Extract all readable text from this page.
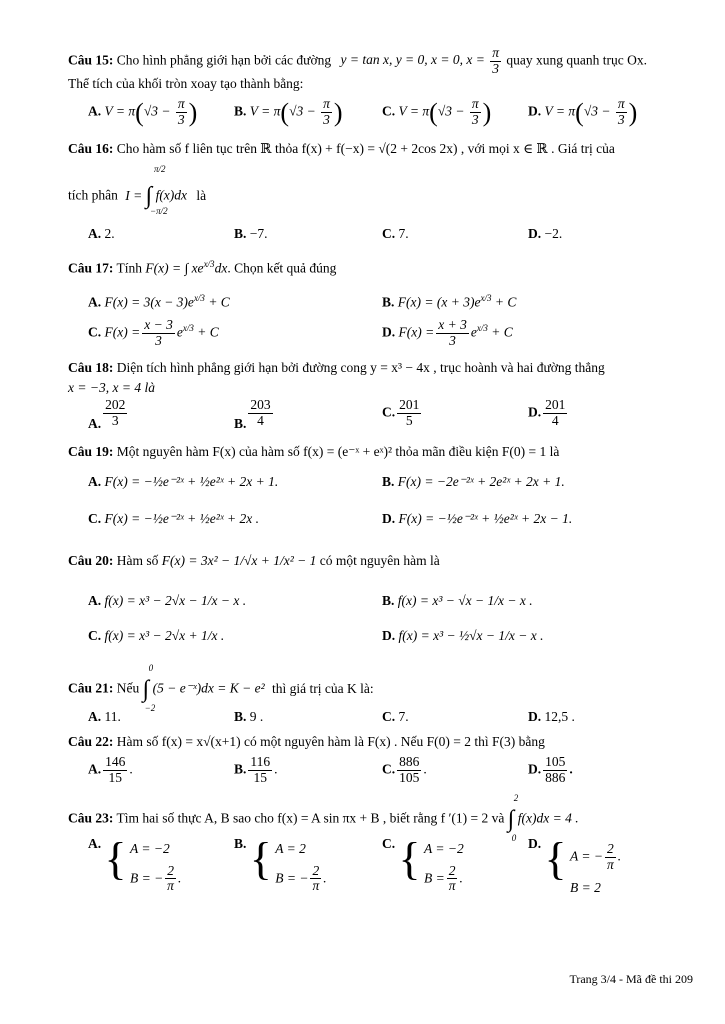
Câu 15: Cho hình phẳng giới hạn bởi các đường y = tan x, y = 0, x = 0, $x = \frac{\pi}{3}$ quay xung quanh trục Ox.
Thể tích của khối tròn xoay tạo thành bằng:
A. $V = \pi(√3 - \frac{\pi}{3}$ )	B. $V = \pi(√3 - \frac{\pi}{3}$ )	C. $V = \pi(√3 - \frac{\pi}{3}$ )	D. $V = \pi(√3 - \frac{\pi}{3}$ )
Câu 16: Cho hàm số f liên tục trên ℝ thỏa f(x) + f(−x) = √(2 + 2cos 2x) , với mọi x ∈ ℝ . Giá trị của
tích phân I = ∫
π/2
−π/2
f(x)dx là
A. 2.	B. −7.	C. 7.	D. −2.
Câu 17: Tính F(x) = ∫ $xe^{x/3}dx$. Chọn kết quả đúng
A. $F(x) = 3(x - 3)e^{x/3} + C$	B. $F(x) = (x + 3)e^{x/3} + C$
C. $F(x) = \frac{x - 3}{3} e^{x/3} + C$	D. $F(x) = \frac{x + 3}{3} e^{x/3} + C$
Câu 18: Diện tích hình phẳng giới hạn bởi đường cong y = x³ − 4x , trục hoành và hai đường thẳng
x = −3, x = 4 là
A. $\frac{202}{3}$	B. $\frac{203}{4}$	C. $\frac{201}{5}$	D. $\frac{201}{4}$
Câu 19: Một nguyên hàm F(x) của hàm số f(x) = (e⁻ˣ + eˣ)² thỏa mãn điều kiện F(0) = 1 là
A. F(x) = −½e⁻²ˣ + ½e²ˣ + 2x + 1.	B. F(x) = −2e⁻²ˣ + 2e²ˣ + 2x + 1.
C. F(x) = −½e⁻²ˣ + ½e²ˣ + 2x .	D. F(x) = −½e⁻²ˣ + ½e²ˣ + 2x − 1.
Câu 20: Hàm số F(x) = 3x² − 1/√x + 1/x² − 1 có một nguyên hàm là
A. f(x) = x³ − 2√x − 1/x − x .	B. f(x) = x³ − √x − 1/x − x .
C. f(x) = x³ − 2√x + 1/x .	D. f(x) = x³ − ½√x − 1/x − x .
Câu 21: Nếu ∫
0
−2
(5 − e⁻ˣ)dx = K − e² thì giá trị của K là:
A. 11.	B. 9 .	C. 7.	D. 12,5 .
Câu 22: Hàm số f(x) = x√(x+1) có một nguyên hàm là F(x) . Nếu F(0) = 2 thì F(3) bằng
A. $\frac{146}{15}$ .	B. $\frac{116}{15}$ .	C. $\frac{886}{105}$ .	D. $\frac{105}{886}$ .
Câu 23: Tìm hai số thực A, B sao cho f(x) = A sin πx + B , biết rằng f ′(1) = 2 và ∫
2
0
f(x)dx = 4 .
A. { A = −2
B = − $\frac{2}{\pi}$ .
B. { A = 2
B = − $\frac{2}{\pi}$ .
C. { A = −2
$B = \frac{2}{\pi}$ .
D. { A = − $\frac{2}{\pi}$ .
B = 2
Trang 3/4 - Mã đề thi 209
